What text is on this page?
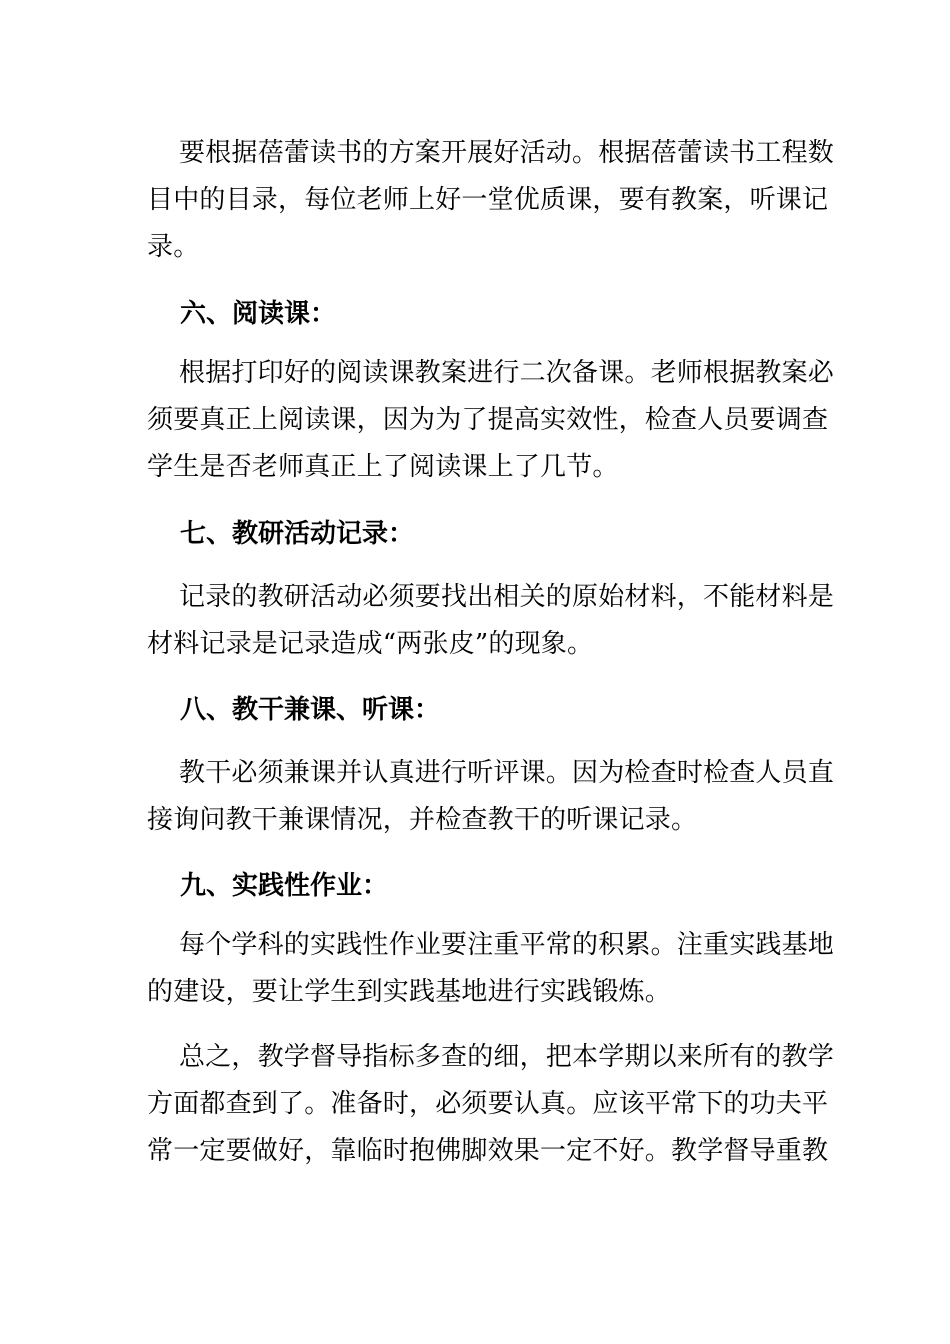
要根据蓓蕾读书的方案开展好活动。根据蓓蕾读书工程数
目中的目录，每位老师上好一堂优质课，要有教案，听课记
录。

六、阅读课：

根据打印好的阅读课教案进行二次备课。老师根据教案必
须要真正上阅读课，因为为了提高实效性，检查人员要调查
学生是否老师真正上了阅读课上了几节。

七、教研活动记录：

记录的教研活动必须要找出相关的原始材料，不能材料是
材料记录是记录造成“两张皮”的现象。

八、教干兼课、听课：

教干必须兼课并认真进行听评课。因为检查时检查人员直
接询问教干兼课情况，并检查教干的听课记录。

九、实践性作业：

每个学科的实践性作业要注重平常的积累。注重实践基地
的建设，要让学生到实践基地进行实践锻炼。

总之，教学督导指标多查的细，把本学期以来所有的教学
方面都查到了。准备时，必须要认真。应该平常下的功夫平
常一定要做好，靠临时抱佛脚效果一定不好。教学督导重教
